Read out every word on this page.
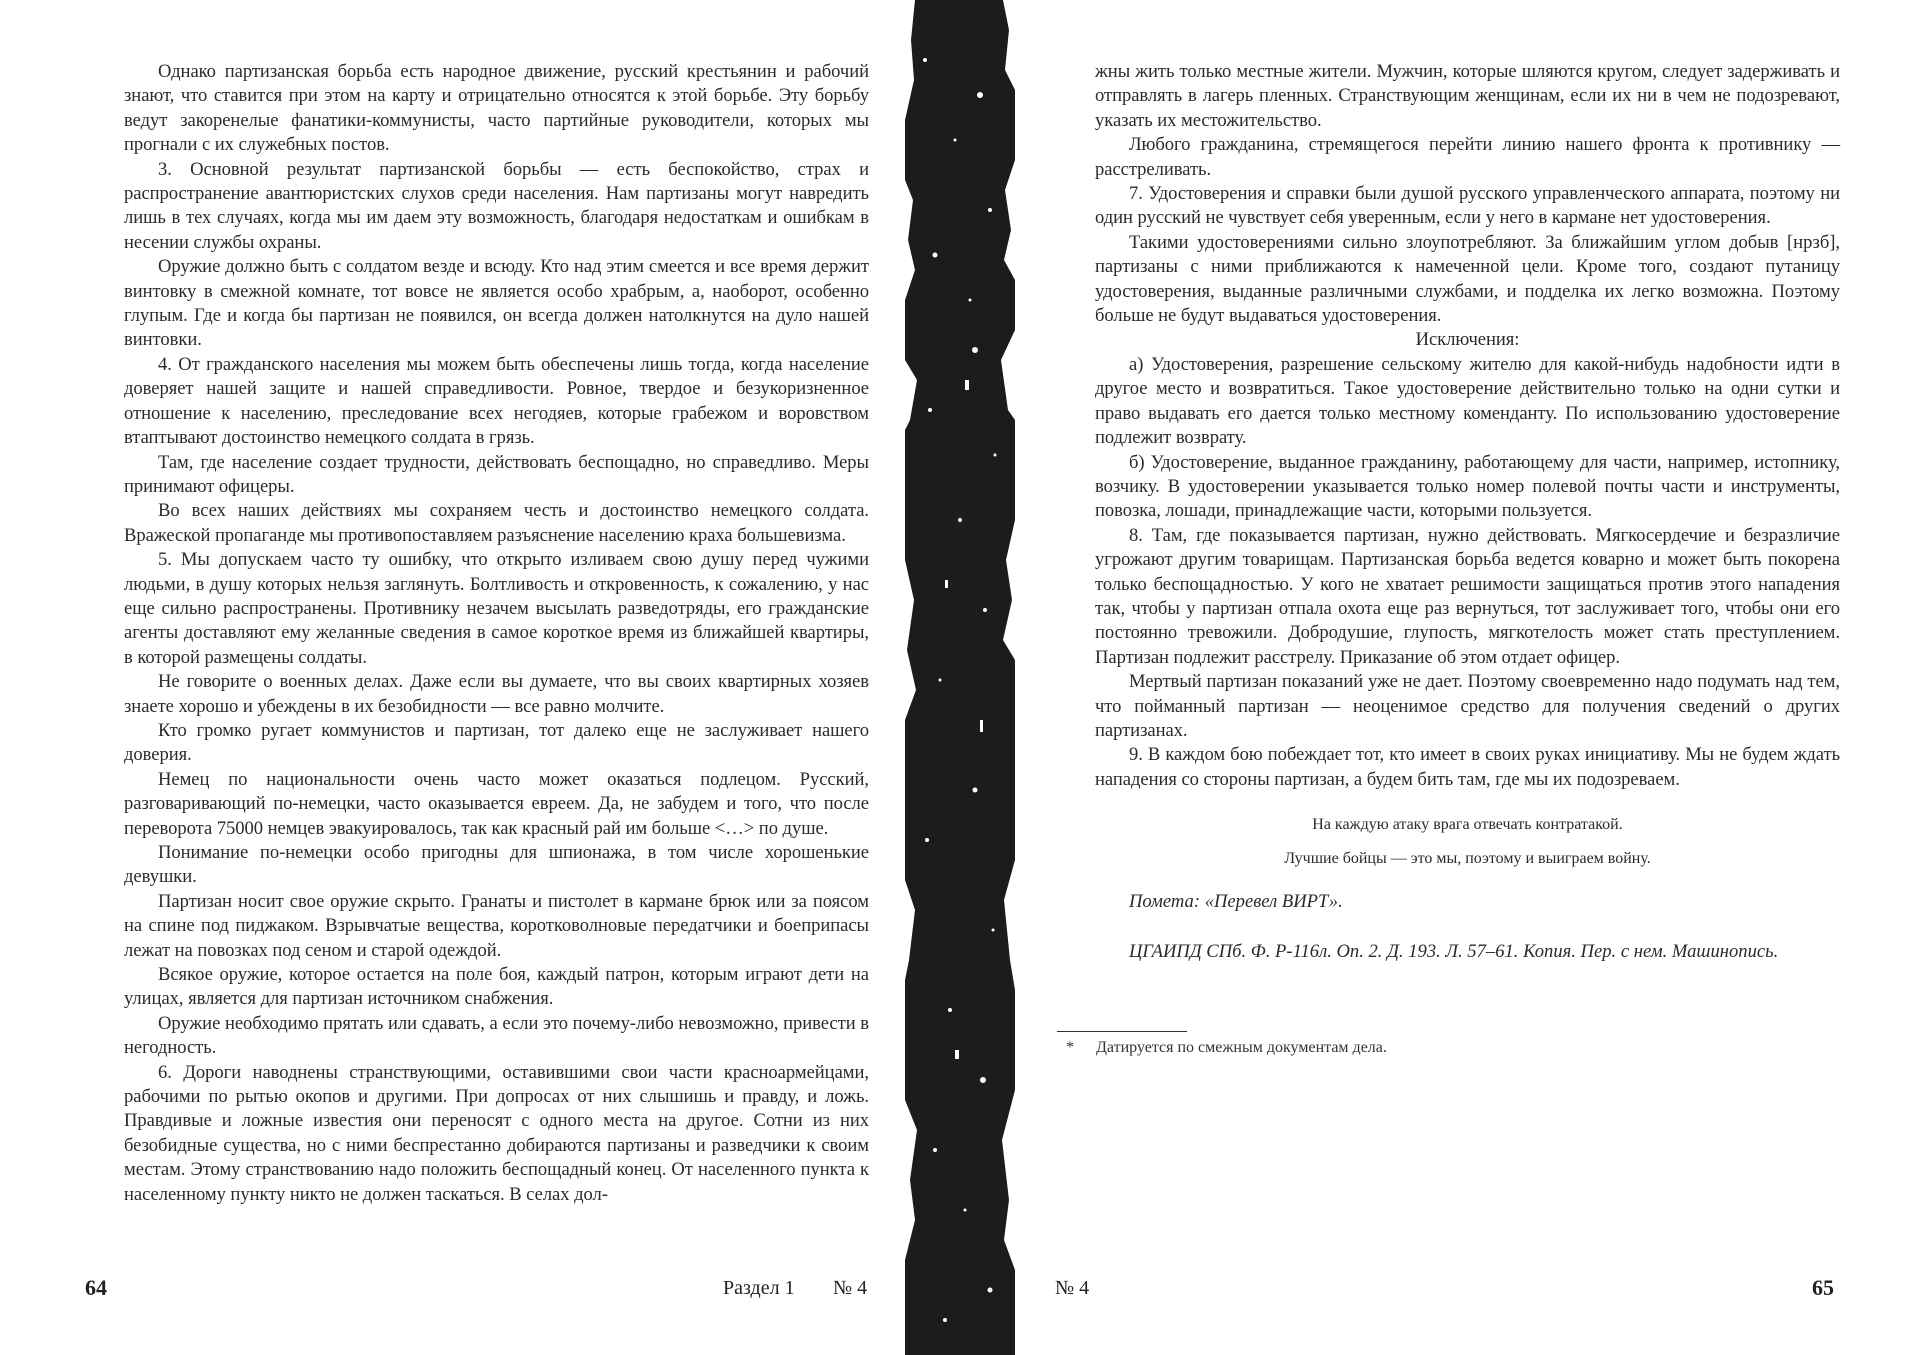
Однако партизанская борьба есть народное движение, русский крестьянин и рабочий знают, что ставится при этом на карту и отрицательно относятся к этой борьбе. Эту борьбу ведут закоренелые фанатики-коммунисты, часто партийные руководители, которых мы прогнали с их служебных постов.

3. Основной результат партизанской борьбы — есть беспокойство, страх и распространение авантюристских слухов среди населения. Нам партизаны могут навредить лишь в тех случаях, когда мы им даем эту возможность, благодаря недостаткам и ошибкам в несении службы охраны.

Оружие должно быть с солдатом везде и всюду. Кто над этим смеется и все время держит винтовку в смежной комнате, тот вовсе не является особо храбрым, а, наоборот, особенно глупым. Где и когда бы партизан не появился, он всегда должен натолкнутся на дуло нашей винтовки.

4. От гражданского населения мы можем быть обеспечены лишь тогда, когда население доверяет нашей защите и нашей справедливости. Ровное, твердое и безукоризненное отношение к населению, преследование всех негодяев, которые грабежом и воровством втаптывают достоинство немецкого солдата в грязь.

Там, где население создает трудности, действовать беспощадно, но справедливо. Меры принимают офицеры.

Во всех наших действиях мы сохраняем честь и достоинство немецкого солдата. Вражеской пропаганде мы противопоставляем разъяснение населению краха большевизма.

5. Мы допускаем часто ту ошибку, что открыто изливаем свою душу перед чужими людьми, в душу которых нельзя заглянуть. Болтливость и откровенность, к сожалению, у нас еще сильно распространены. Противнику незачем высылать разведотряды, его гражданские агенты доставляют ему желанные сведения в самое короткое время из ближайшей квартиры, в которой размещены солдаты.

Не говорите о военных делах. Даже если вы думаете, что вы своих квартирных хозяев знаете хорошо и убеждены в их безобидности — все равно молчите.

Кто громко ругает коммунистов и партизан, тот далеко еще не заслуживает нашего доверия.

Немец по национальности очень часто может оказаться подлецом. Русский, разговаривающий по-немецки, часто оказывается евреем. Да, не забудем и того, что после переворота 75000 немцев эвакуировалось, так как красный рай им больше <…> по душе.

Понимание по-немецки особо пригодны для шпионажа, в том числе хорошенькие девушки.

Партизан носит свое оружие скрыто. Гранаты и пистолет в кармане брюк или за поясом на спине под пиджаком. Взрывчатые вещества, коротковолновые передатчики и боеприпасы лежат на повозках под сеном и старой одеждой.

Всякое оружие, которое остается на поле боя, каждый патрон, которым играют дети на улицах, является для партизан источником снабжения.

Оружие необходимо прятать или сдавать, а если это почему-либо невозможно, привести в негодность.

6. Дороги наводнены странствующими, оставившими свои части красноармейцами, рабочими по рытью окопов и другими. При допросах от них слышишь и правду, и ложь. Правдивые и ложные известия они переносят с одного места на другое. Сотни из них безобидные существа, но с ними беспрестанно добираются партизаны и разведчики к своим местам. Этому странствованию надо положить беспощадный конец. От населенного пункта к населенному пункту никто не должен таскаться. В селах дол-

жны жить только местные жители. Мужчин, которые шляются кругом, следует задерживать и отправлять в лагерь пленных. Странствующим женщинам, если их ни в чем не подозревают, указать их местожительство.

Любого гражданина, стремящегося перейти линию нашего фронта к противнику — расстреливать.

7. Удостоверения и справки были душой русского управленческого аппарата, поэтому ни один русский не чувствует себя уверенным, если у него в кармане нет удостоверения.

Такими удостоверениями сильно злоупотребляют. За ближайшим углом добыв [нрзб], партизаны с ними приближаются к намеченной цели. Кроме того, создают путаницу удостоверения, выданные различными службами, и подделка их легко возможна. Поэтому больше не будут выдаваться удостоверения.

Исключения:

а) Удостоверения, разрешение сельскому жителю для какой-нибудь надобности идти в другое место и возвратиться. Такое удостоверение действительно только на одни сутки и право выдавать его дается только местному коменданту. По использованию удостоверение подлежит возврату.

б) Удостоверение, выданное гражданину, работающему для части, например, истопнику, возчику. В удостоверении указывается только номер полевой почты части и инструменты, повозка, лошади, принадлежащие части, которыми пользуется.

8. Там, где показывается партизан, нужно действовать. Мягкосердечие и безразличие угрожают другим товарищам. Партизанская борьба ведется коварно и может быть покорена только беспощадностью. У кого не хватает решимости защищаться против этого нападения так, чтобы у партизан отпала охота еще раз вернуться, тот заслуживает того, чтобы они его постоянно тревожили. Добродушие, глупость, мягкотелость может стать преступлением. Партизан подлежит расстрелу. Приказание об этом отдает офицер.

Мертвый партизан показаний уже не дает. Поэтому своевременно надо подумать над тем, что пойманный партизан — неоценимое средство для получения сведений о других партизанах.

9. В каждом бою побеждает тот, кто имеет в своих руках инициативу. Мы не будем ждать нападения со стороны партизан, а будем бить там, где мы их подозреваем.

На каждую атаку врага отвечать контратакой.

Лучшие бойцы — это мы, поэтому и выиграем войну.

Помета: «Перевел ВИРТ».
ЦГАИПД СПб. Ф. Р-116л. Оп. 2. Д. 193. Л. 57–61. Копия. Пер. с нем. Машинопись.
* Датируется по смежным документам дела.
64	Раздел 1 № 4	№ 4	65
